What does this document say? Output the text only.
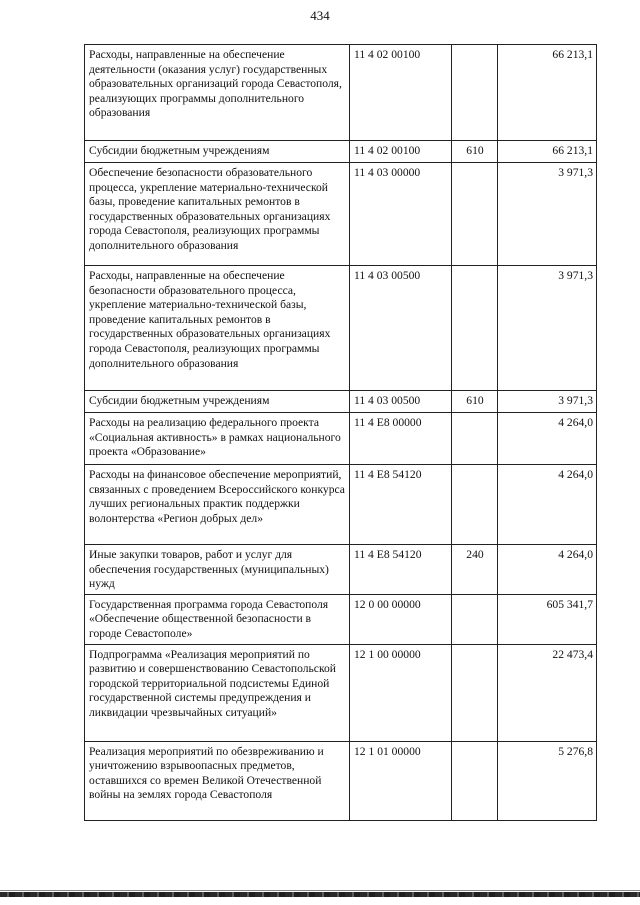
434
Расходы, направленные на обеспечение деятельности (оказания услуг) государственных образовательных организаций города Севастополя, реализующих программы дополнительного образования	11 4 02 00100		66 213,1
Субсидии бюджетным учреждениям	11 4 02 00100	610	66 213,1
Обеспечение безопасности образовательного процесса, укрепление материально-технической базы, проведение капитальных ремонтов в государственных образовательных организациях города Севастополя, реализующих программы дополнительного образования	11 4 03 00000		3 971,3
Расходы, направленные на обеспечение безопасности образовательного процесса, укрепление материально-технической базы, проведение капитальных ремонтов в государственных образовательных организациях города Севастополя, реализующих программы дополнительного образования	11 4 03 00500		3 971,3
Субсидии бюджетным учреждениям	11 4 03 00500	610	3 971,3
Расходы на реализацию федерального проекта «Социальная активность» в рамках национального проекта «Образование»	11 4 E8 00000		4 264,0
Расходы на финансовое обеспечение мероприятий, связанных с проведением Всероссийского конкурса лучших региональных практик поддержки волонтерства «Регион добрых дел»	11 4 E8 54120		4 264,0
Иные закупки товаров, работ и услуг для обеспечения государственных (муниципальных) нужд	11 4 E8 54120	240	4 264,0
Государственная программа города Севастополя «Обеспечение общественной безопасности в городе Севастополе»	12 0 00 00000		605 341,7
Подпрограмма «Реализация мероприятий по развитию и совершенствованию Севастопольской городской территориальной подсистемы Единой государственной системы предупреждения и ликвидации чрезвычайных ситуаций»	12 1 00 00000		22 473,4
Реализация мероприятий по обезвреживанию и уничтожению взрывоопасных предметов, оставшихся со времен Великой Отечественной войны на землях города Севастополя	12 1 01 00000		5 276,8
